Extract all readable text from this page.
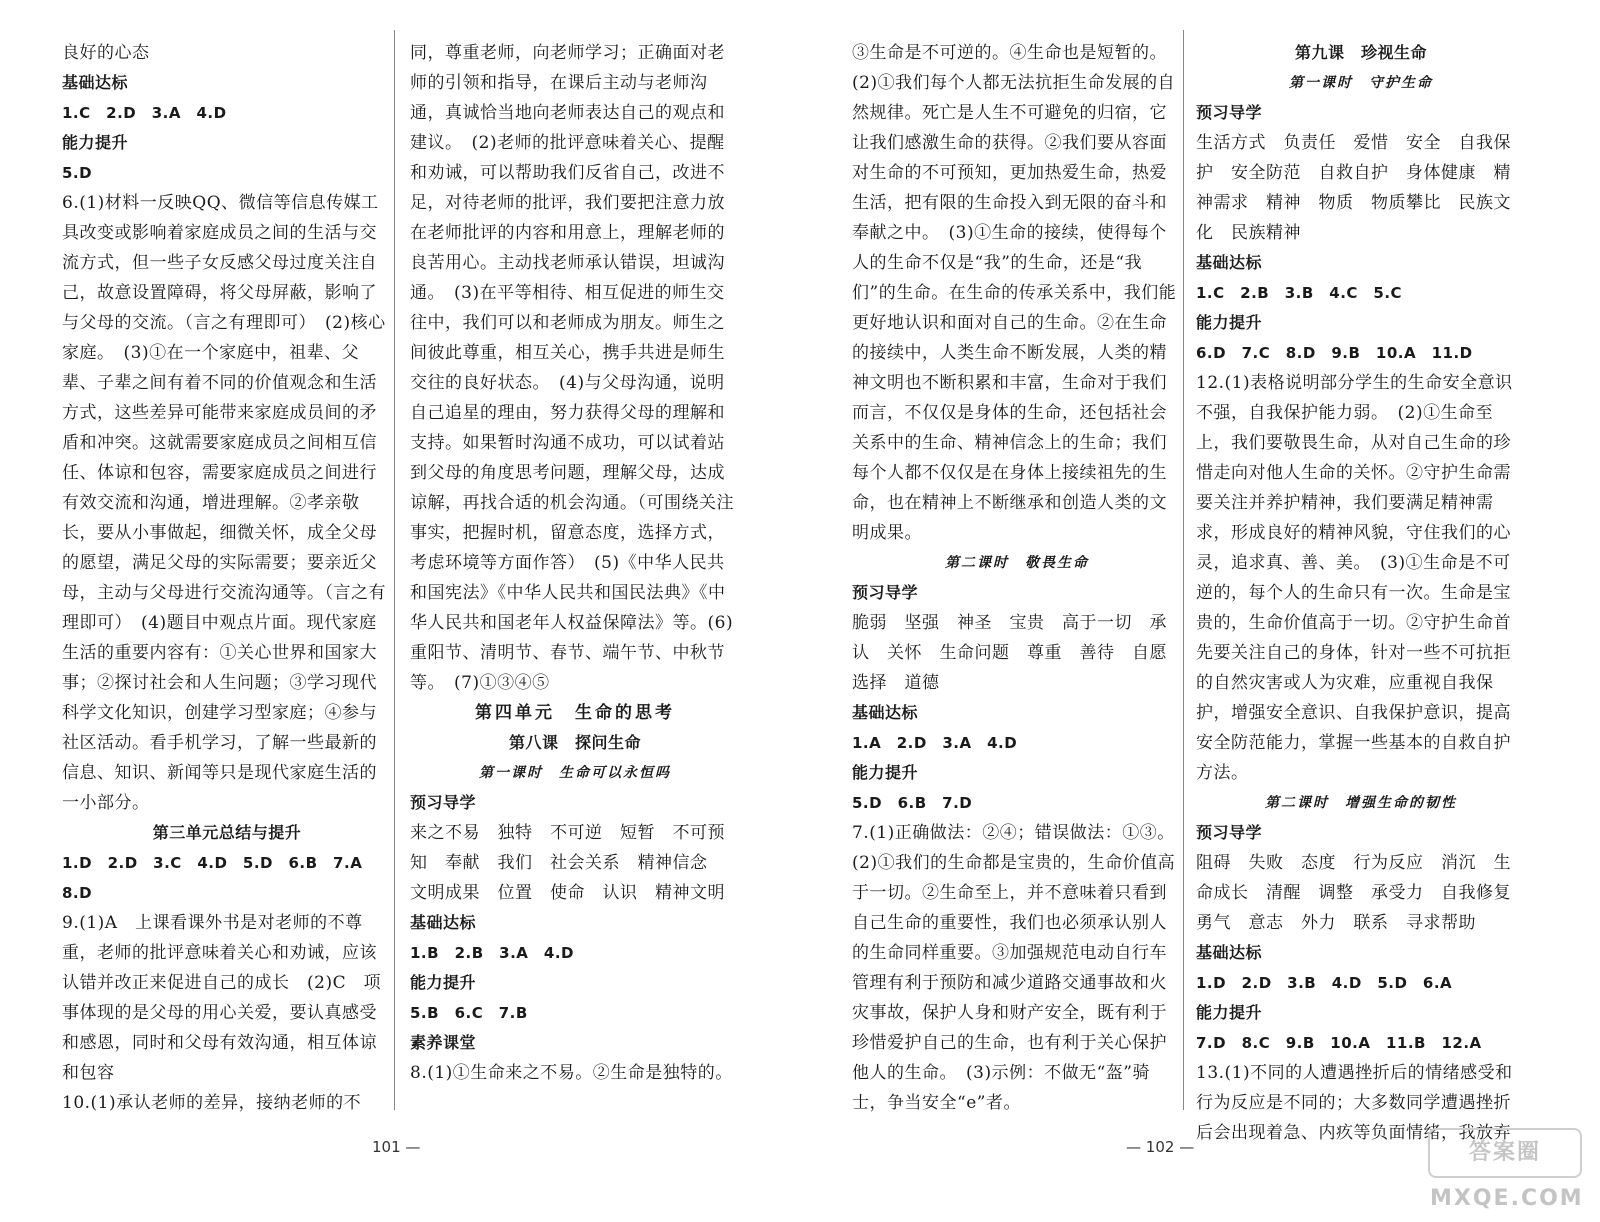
良好的心态

基础达标

1.C　2.D　3.A　4.D

能力提升

5.D

6.(1)材料一反映QQ、微信等信息传媒工具改变或影响着家庭成员之间的生活与交流方式，但一些子女反感父母过度关注自己，故意设置障碍，将父母屏蔽，影响了与父母的交流。（言之有理即可）　(2)核心家庭。　(3)①在一个家庭中，祖辈、父辈、子辈之间有着不同的价值观念和生活方式，这些差异可能带来家庭成员间的矛盾和冲突。这就需要家庭成员之间相互信任、体谅和包容，需要家庭成员之间进行有效交流和沟通，增进理解。②孝亲敬长，要从小事做起，细微关怀，成全父母的愿望，满足父母的实际需要；要亲近父母，主动与父母进行交流沟通等。（言之有理即可）　(4)题目中观点片面。现代家庭生活的重要内容有：①关心世界和国家大事；②探讨社会和人生问题；③学习现代科学文化知识，创建学习型家庭；④参与社区活动。看手机学习，了解一些最新的信息、知识、新闻等只是现代家庭生活的一小部分。

第三单元总结与提升

1.D　2.D　3.C　4.D　5.D　6.B　7.A

8.D

9.(1)A　上课看课外书是对老师的不尊重，老师的批评意味着关心和劝诫，应该认错并改正来促进自己的成长　(2)C　项事体现的是父母的用心关爱，要认真感受和感恩，同时和父母有效沟通，相互体谅和包容

10.(1)承认老师的差异，接纳老师的不

同，尊重老师，向老师学习；正确面对老师的引领和指导，在课后主动与老师沟通，真诚恰当地向老师表达自己的观点和建议。　(2)老师的批评意味着关心、提醒和劝诫，可以帮助我们反省自己，改进不足，对待老师的批评，我们要把注意力放在老师批评的内容和用意上，理解老师的良苦用心。主动找老师承认错误，坦诚沟通。　(3)在平等相待、相互促进的师生交往中，我们可以和老师成为朋友。师生之间彼此尊重，相互关心，携手共进是师生交往的良好状态。　(4)与父母沟通，说明自己追星的理由，努力获得父母的理解和支持。如果暂时沟通不成功，可以试着站到父母的角度思考问题，理解父母，达成谅解，再找合适的机会沟通。（可围绕关注事实，把握时机，留意态度，选择方式，考虑环境等方面作答）　(5)《中华人民共和国宪法》《中华人民共和国民法典》《中华人民共和国老年人权益保障法》等。(6)重阳节、清明节、春节、端午节、中秋节等。　(7)①③④⑤

第四单元　生命的思考

第八课　探问生命

第一课时　生命可以永恒吗

预习导学

来之不易　独特　不可逆　短暂　不可预知　奉献　我们　社会关系　精神信念　文明成果　位置　使命　认识　精神文明

基础达标

1.B　2.B　3.A　4.D

能力提升

5.B　6.C　7.B

素养课堂

8.(1)①生命来之不易。②生命是独特的。

101 —

③生命是不可逆的。④生命也是短暂的。(2)①我们每个人都无法抗拒生命发展的自然规律。死亡是人生不可避免的归宿，它让我们感激生命的获得。②我们要从容面对生命的不可预知，更加热爱生命，热爱生活，把有限的生命投入到无限的奋斗和奉献之中。　(3)①生命的接续，使得每个人的生命不仅是“我”的生命，还是“我们”的生命。在生命的传承关系中，我们能更好地认识和面对自己的生命。②在生命的接续中，人类生命不断发展，人类的精神文明也不断积累和丰富，生命对于我们而言，不仅仅是身体的生命，还包括社会关系中的生命、精神信念上的生命；我们每个人都不仅仅是在身体上接续祖先的生命，也在精神上不断继承和创造人类的文明成果。

第二课时　敬畏生命

预习导学

脆弱　坚强　神圣　宝贵　高于一切　承认　关怀　生命问题　尊重　善待　自愿选择　道德

基础达标

1.A　2.D　3.A　4.D

能力提升

5.D　6.B　7.D

7.(1)正确做法：②④；错误做法：①③。(2)①我们的生命都是宝贵的，生命价值高于一切。②生命至上，并不意味着只看到自己生命的重要性，我们也必须承认别人的生命同样重要。③加强规范电动自行车管理有利于预防和减少道路交通事故和火灾事故，保护人身和财产安全，既有利于珍惜爱护自己的生命，也有利于关心保护他人的生命。　(3)示例：不做无“盔”骑士，争当安全“e”者。

第九课　珍视生命

第一课时　守护生命

预习导学

生活方式　负责任　爱惜　安全　自我保护　安全防范　自救自护　身体健康　精神需求　精神　物质　物质攀比　民族文化　民族精神

基础达标

1.C　2.B　3.B　4.C　5.C

能力提升

6.D　7.C　8.D　9.B　10.A　11.D

12.(1)表格说明部分学生的生命安全意识不强，自我保护能力弱。　(2)①生命至上，我们要敬畏生命，从对自己生命的珍惜走向对他人生命的关怀。②守护生命需要关注并养护精神，我们要满足精神需求，形成良好的精神风貌，守住我们的心灵，追求真、善、美。　(3)①生命是不可逆的，每个人的生命只有一次。生命是宝贵的，生命价值高于一切。②守护生命首先要关注自己的身体，针对一些不可抗拒的自然灾害或人为灾难，应重视自我保护，增强安全意识、自我保护意识，提高安全防范能力，掌握一些基本的自救自护方法。

第二课时　增强生命的韧性

预习导学

阻碍　失败　态度　行为反应　消沉　生命成长　清醒　调整　承受力　自我修复　勇气　意志　外力　联系　寻求帮助

基础达标

1.D　2.D　3.B　4.D　5.D　6.A

能力提升

7.D　8.C　9.B　10.A　11.B　12.A

13.(1)不同的人遭遇挫折后的情绪感受和行为反应是不同的；大多数同学遭遇挫折后会出现着急、内疚等负面情绪，我放弃

— 102 —	答案圈 MXQE.COM
